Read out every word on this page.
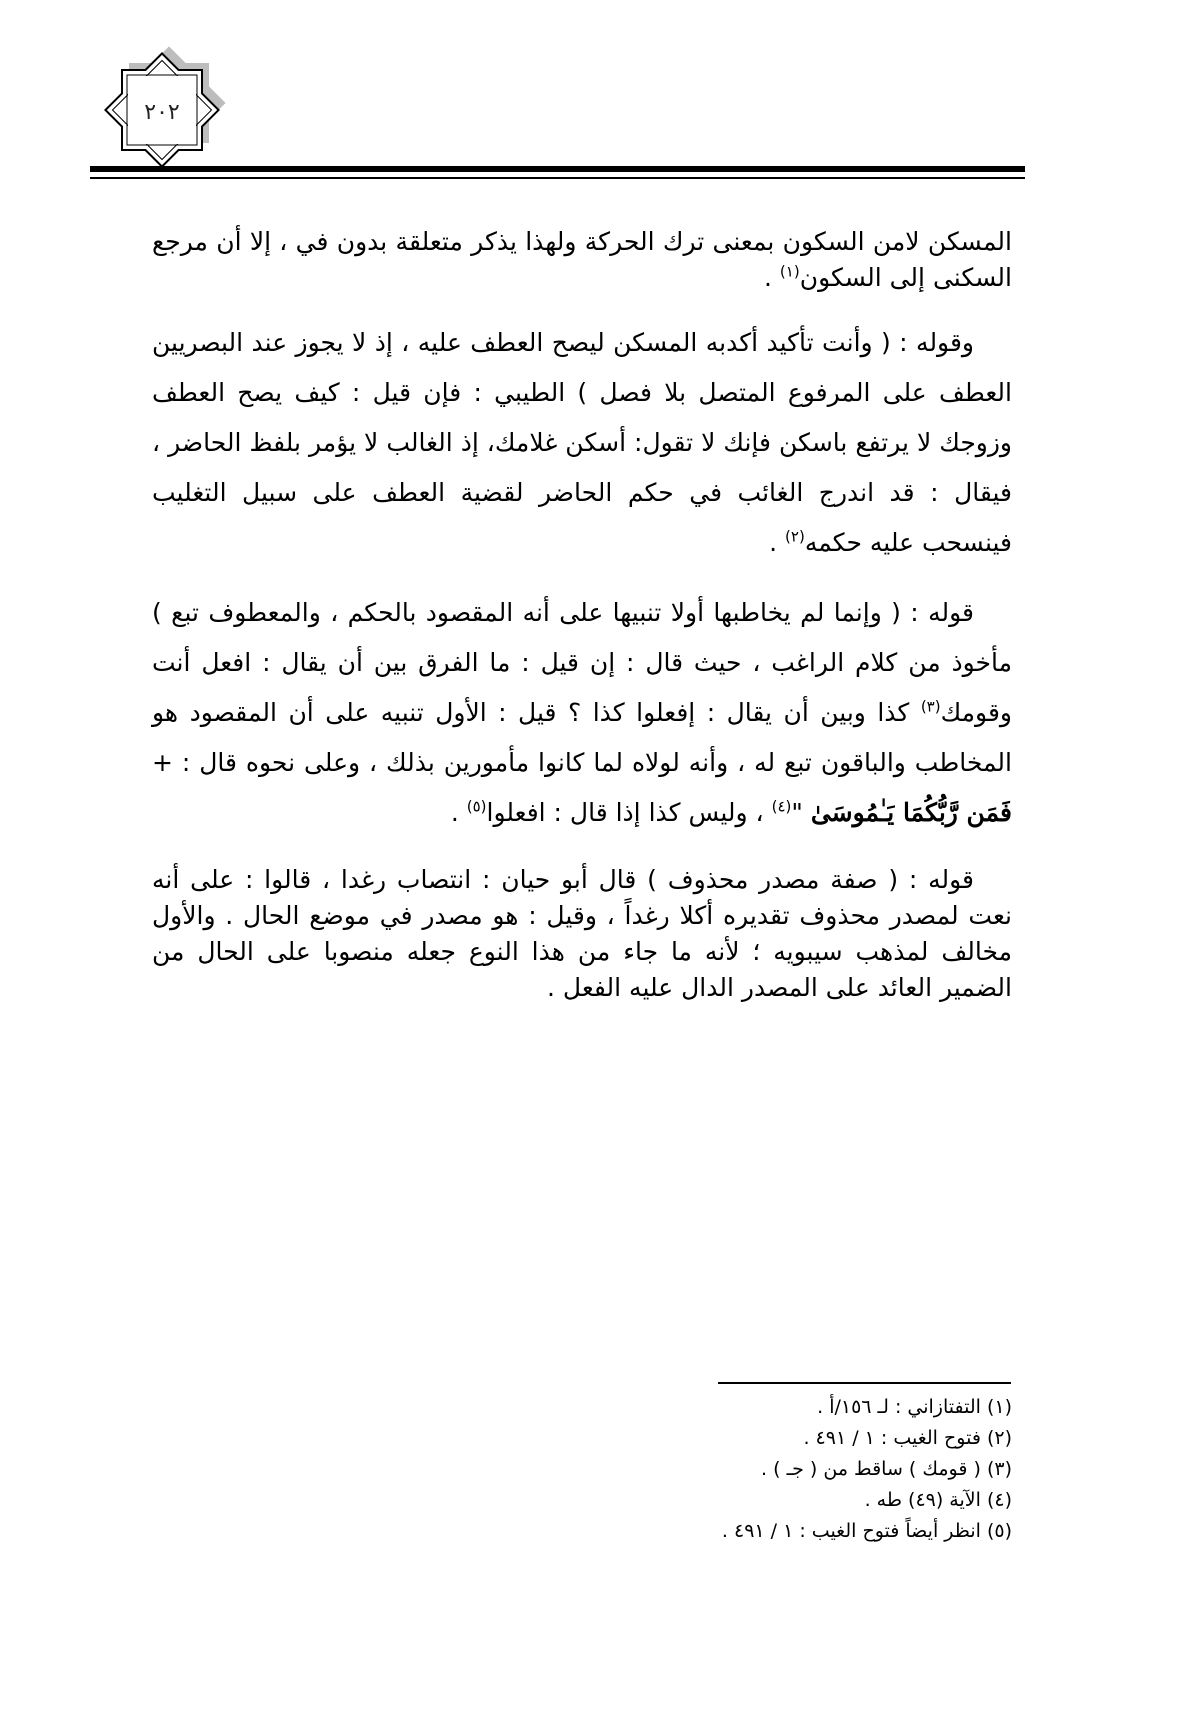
٢٠٢

المسكن لامن السكون بمعنى ترك الحركة ولهذا يذكر متعلقة بدون في ، إلا أن مرجع السكنى إلى السكون$^{(١)}$ .

وقوله : ( وأنت تأكيد أكدبه المسكن ليصح العطف عليه ، إذ لا يجوز عند البصريين العطف على المرفوع المتصل بلا فصل ) الطيبي : فإن قيل : كيف يصح العطف وزوجك لا يرتفع باسكن فإنك لا تقول: أسكن غلامك، إذ الغالب لا يؤمر بلفظ الحاضر ، فيقال : قد اندرج الغائب في حكم الحاضر لقضية العطف على سبيل التغليب فينسحب عليه حكمه$^{(٢)}$ .

قوله : ( وإنما لم يخاطبها أولا تنبيها على أنه المقصود بالحكم ، والمعطوف تبع ) مأخوذ من كلام الراغب ، حيث قال : إن قيل : ما الفرق بين أن يقال : افعل أنت وقومك$^{(٣)}$ كذا وبين أن يقال : إفعلوا كذا ؟ قيل : الأول تنبيه على أن المقصود هو المخاطب والباقون تبع له ، وأنه لولاه لما كانوا مأمورين بذلك ، وعلى نحوه قال : + فَمَن رَّبُّكُمَا يَـٰمُوسَىٰ "$^{(٤)}$ ، وليس كذا إذا قال : افعلوا$^{(٥)}$ .

قوله : ( صفة مصدر محذوف ) قال أبو حيان : انتصاب رغدا ، قالوا : على أنه نعت لمصدر محذوف تقديره أكلا رغداً ، وقيل : هو مصدر في موضع الحال . والأول مخالف لمذهب سيبويه ؛ لأنه ما جاء من هذا النوع جعله منصوبا على الحال من الضمير العائد على المصدر الدال عليه الفعل .

(١) التفتازاني : لـ ١٥٦/أ .

(٢) فتوح الغيب : ١ / ٤٩١ .

(٣) ( قومك ) ساقط من ( جـ ) .

(٤) الآية (٤٩) طه .

(٥) انظر أيضاً فتوح الغيب : ١ / ٤٩١ .
